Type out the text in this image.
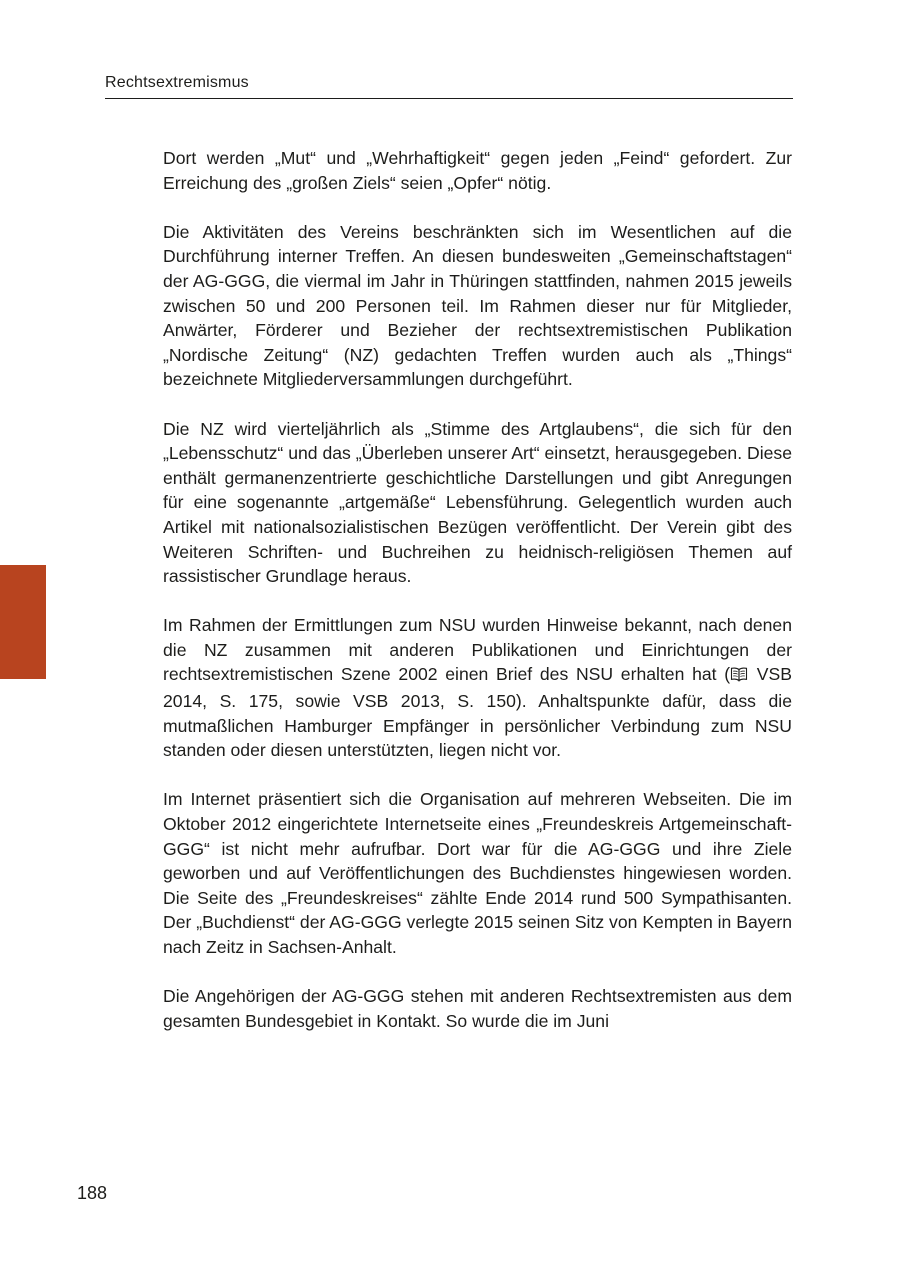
Rechtsextremismus

Dort werden „Mut“ und „Wehrhaftigkeit“ gegen jeden „Feind“ gefordert. Zur Erreichung des „großen Ziels“ seien „Opfer“ nötig.

Die Aktivitäten des Vereins beschränkten sich im Wesentlichen auf die Durchführung interner Treffen. An diesen bundesweiten „Gemeinschaftstagen“ der AG-GGG, die viermal im Jahr in Thüringen stattfinden, nahmen 2015 jeweils zwischen 50 und 200 Personen teil. Im Rahmen dieser nur für Mitglieder, Anwärter, Förderer und Bezieher der rechtsextremistischen Publikation „Nordische Zeitung“ (NZ) gedachten Treffen wurden auch als „Things“ bezeichnete Mitgliederversammlungen durchgeführt.

Die NZ wird vierteljährlich als „Stimme des Artglaubens“, die sich für den „Lebensschutz“ und das „Überleben unserer Art“ einsetzt, herausgegeben. Diese enthält germanenzentrierte geschichtliche Darstellungen und gibt Anregungen für eine sogenannte „artgemäße“ Lebensführung. Gelegentlich wurden auch Artikel mit nationalsozialistischen Bezügen veröffentlicht. Der Verein gibt des Weiteren Schriften- und Buchreihen zu heidnisch-religiösen Themen auf rassistischer Grundlage heraus.

Im Rahmen der Ermittlungen zum NSU wurden Hinweise bekannt, nach denen die NZ zusammen mit anderen Publikationen und Einrichtungen der rechtsextremistischen Szene 2002 einen Brief des NSU erhalten hat ( VSB 2014, S. 175, sowie VSB 2013, S. 150). Anhaltspunkte dafür, dass die mutmaßlichen Hamburger Empfänger in persönlicher Verbindung zum NSU standen oder diesen unterstützten, liegen nicht vor.

Im Internet präsentiert sich die Organisation auf mehreren Webseiten. Die im Oktober 2012 eingerichtete Internetseite eines „Freundeskreis Artgemeinschaft-GGG“ ist nicht mehr aufrufbar. Dort war für die AG-GGG und ihre Ziele geworben und auf Veröffentlichungen des Buchdienstes hingewiesen worden. Die Seite des „Freundeskreises“ zählte Ende 2014 rund 500 Sympathisanten. Der „Buchdienst“ der AG-GGG verlegte 2015 seinen Sitz von Kempten in Bayern nach Zeitz in Sachsen-Anhalt.

Die Angehörigen der AG-GGG stehen mit anderen Rechtsextremisten aus dem gesamten Bundesgebiet in Kontakt. So wurde die im Juni

188
